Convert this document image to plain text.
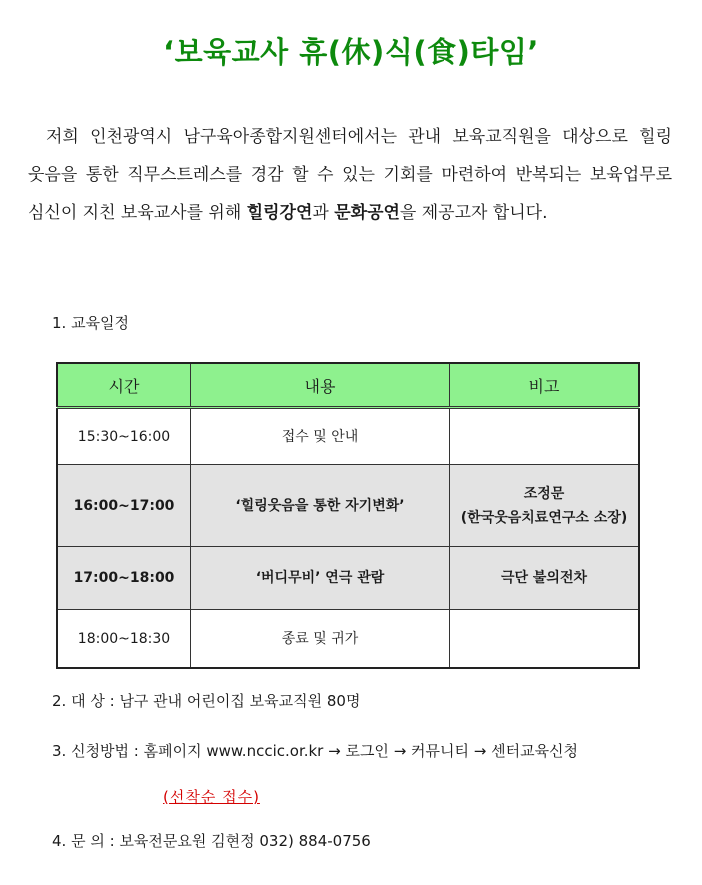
‘보육교사 휴(休)식(食)타임’
저희 인천광역시 남구육아종합지원센터에서는 관내 보육교직원을 대상으로 힐링 웃음을 통한 직무스트레스를 경감 할 수 있는 기회를 마련하여 반복되는 보육업무로 심신이 지친 보육교사를 위해 힐링강연과 문화공연을 제공고자 합니다.
1. 교육일정
시간	내용	비고
15:30~16:00	접수 및 안내	
16:00~17:00	‘힐링웃음을 통한 자기변화’	조정문
(한국웃음치료연구소 소장)

17:00~18:00	‘버디무비’ 연극 관람	극단 불의전차
18:00~18:30	종료 및 귀가	
2. 대 상 : 남구 관내 어린이집 보육교직원 80명
3. 신청방법 : 홈페이지 www.nccic.or.kr → 로그인 → 커뮤니티 → 센터교육신청
(선착순 접수)
4. 문 의 : 보육전문요원 김현정 032) 884-0756
